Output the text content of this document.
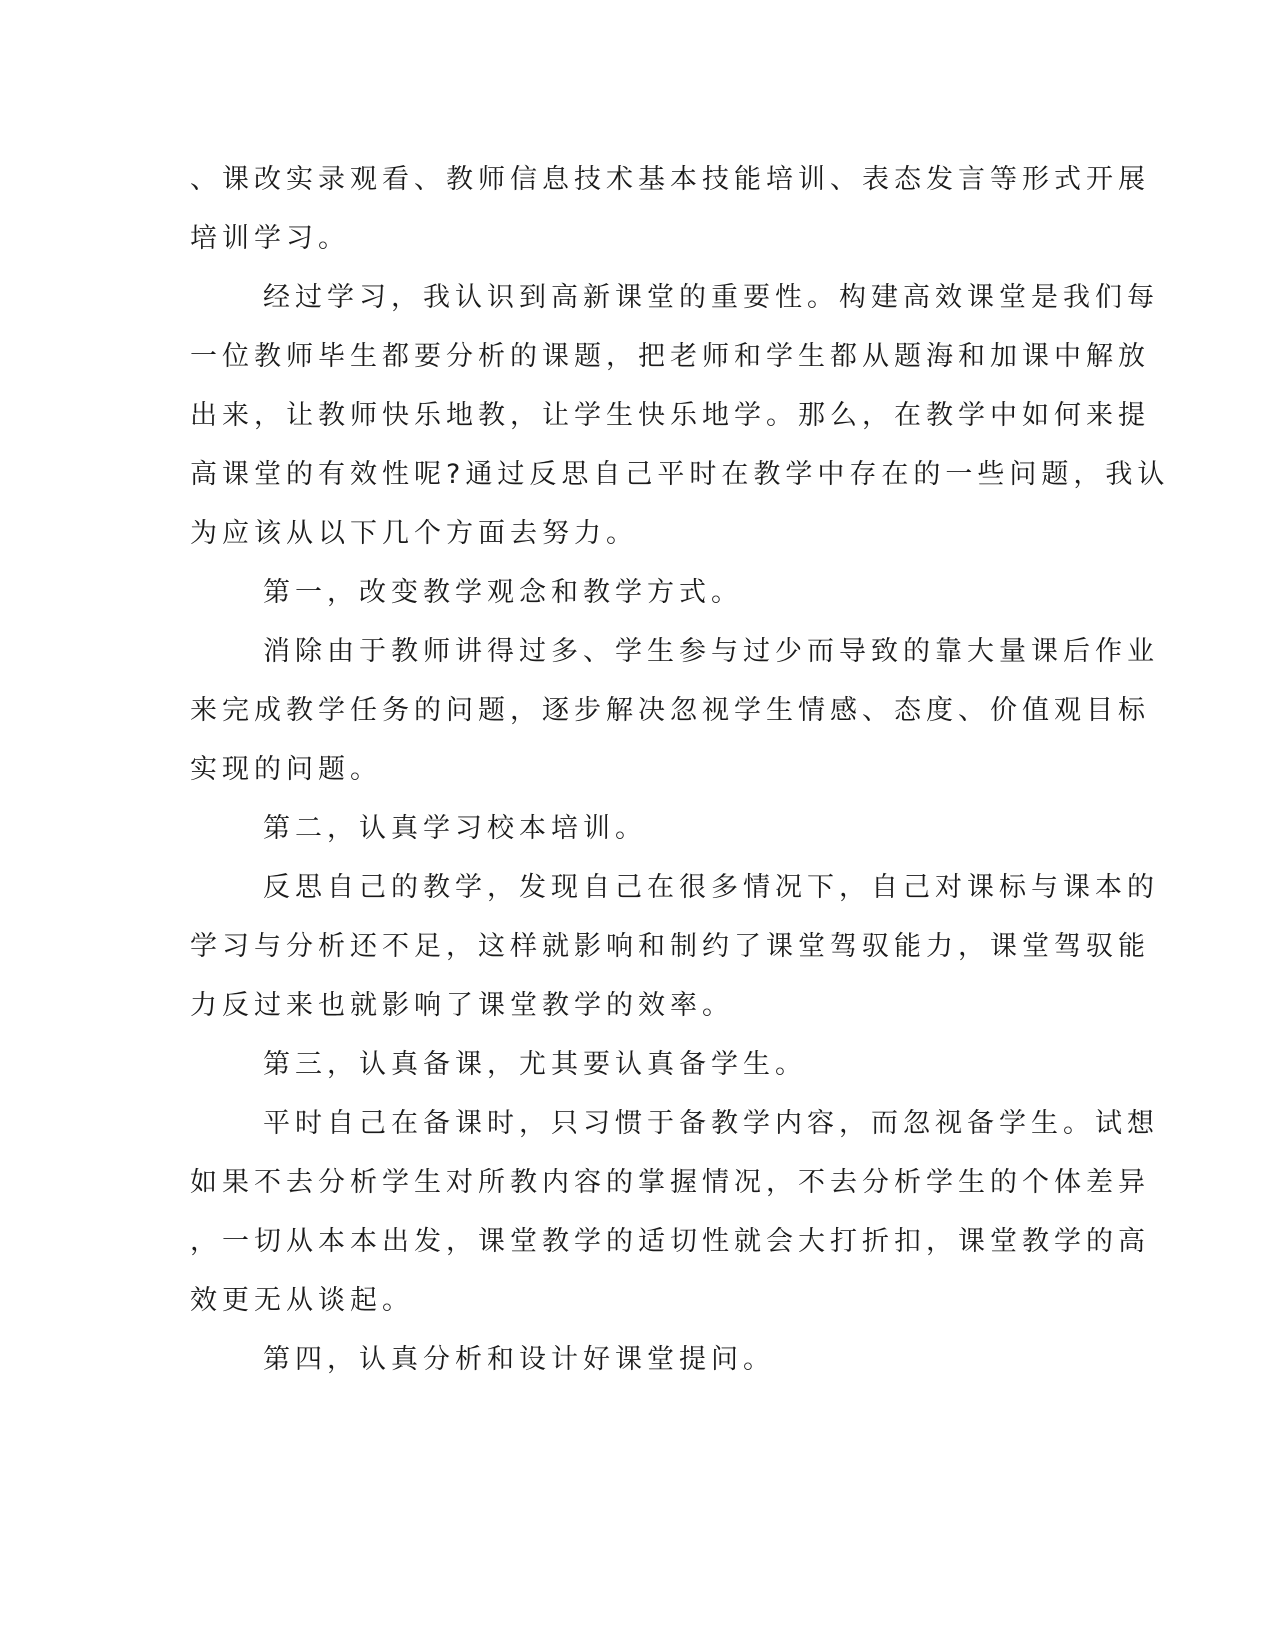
、课改实录观看、教师信息技术基本技能培训、表态发言等形式开展
培训学习。
经过学习，我认识到高新课堂的重要性。构建高效课堂是我们每
一位教师毕生都要分析的课题，把老师和学生都从题海和加课中解放
出来，让教师快乐地教，让学生快乐地学。那么，在教学中如何来提
高课堂的有效性呢?通过反思自己平时在教学中存在的一些问题，我认
为应该从以下几个方面去努力。
第一，改变教学观念和教学方式。
消除由于教师讲得过多、学生参与过少而导致的靠大量课后作业
来完成教学任务的问题，逐步解决忽视学生情感、态度、价值观目标
实现的问题。
第二，认真学习校本培训。
反思自己的教学，发现自己在很多情况下，自己对课标与课本的
学习与分析还不足，这样就影响和制约了课堂驾驭能力，课堂驾驭能
力反过来也就影响了课堂教学的效率。
第三，认真备课，尤其要认真备学生。
平时自己在备课时，只习惯于备教学内容，而忽视备学生。试想
如果不去分析学生对所教内容的掌握情况，不去分析学生的个体差异
，一切从本本出发，课堂教学的适切性就会大打折扣，课堂教学的高
效更无从谈起。
第四，认真分析和设计好课堂提问。
